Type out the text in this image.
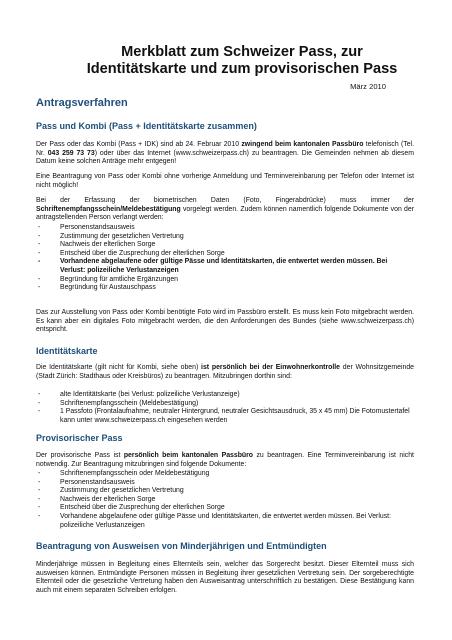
Merkblatt zum Schweizer Pass, zur
Identitätskarte und zum provisorischen Pass
März 2010
Antragsverfahren
Pass und Kombi (Pass + Identitätskarte zusammen)
Der Pass oder das Kombi (Pass + IDK) sind ab 24. Februar 2010 zwingend beim kantonalen Passbüro telefonisch (Tel. Nr. 043 259 73 73) oder über das Internet (www.schweizerpass.ch) zu beantragen. Die Gemeinden nehmen ab diesem Datum keine solchen Anträge mehr entgegen!
Eine Beantragung von Pass oder Kombi ohne vorherige Anmeldung und Terminvereinbarung per Telefon oder Internet ist nicht möglich!
Bei der Erfassung der biometrischen Daten (Foto, Fingerabdrücke) muss immer der Schriftenempfangsschein/Meldebestätigung vorgelegt werden. Zudem können namentlich folgende Dokumente von der antragstellenden Person verlangt werden:
- Personenstandsausweis
- Zustimmung der gesetzlichen Vertretung
- Nachweis der elterlichen Sorge
- Entscheid über die Zusprechung der elterlichen Sorge
- Vorhandene abgelaufene oder gültige Pässe und Identitätskarten, die entwertet werden müssen. Bei Verlust: polizeiliche Verlustanzeigen
- Begründung für amtliche Ergänzungen
- Begründung für Austauschpass
Das zur Ausstellung von Pass oder Kombi benötigte Foto wird im Passbüro erstellt. Es muss kein Foto mitgebracht werden. Es kann aber ein digitales Foto mitgebracht werden, die den Anforderungen des Bundes (siehe www.schweizerpass.ch) entspricht.
Identitätskarte
Die Identitätskarte (gilt nicht für Kombi, siehe oben) ist persönlich bei der Einwohnerkontrolle der Wohnsitzgemeinde (Stadt Zürich: Stadthaus oder Kreisbüros) zu beantragen. Mitzubringen dorthin sind:
- alte Identitätskarte (bei Verlust: polizeiliche Verlustanzeige)
- Schriftenempfangsschein (Meldebestätigung)
- 1 Passfoto (Frontalaufnahme, neutraler Hintergrund, neutraler Gesichtsausdruck, 35 x 45 mm) Die Fotomustertafel kann unter www.schweizerpass.ch eingesehen werden
Provisorischer Pass
Der provisorische Pass ist persönlich beim kantonalen Passbüro zu beantragen. Eine Terminvereinbarung ist nicht notwendig. Zur Beantragung mitzubringen sind folgende Dokumente:
- Schriftenempfangsschein oder Meldebestätigung
- Personenstandsausweis
- Zustimmung der gesetzlichen Vertretung
- Nachweis der elterlichen Sorge
- Entscheid über die Zusprechung der elterlichen Sorge
- Vorhandene abgelaufene oder gültige Pässe und Identitätskarten, die entwertet werden müssen. Bei Verlust: polizeiliche Verlustanzeigen
Beantragung von Ausweisen von Minderjährigen und Entmündigten
Minderjährige müssen in Begleitung eines Elternteils sein, welcher das Sorgerecht besitzt. Dieser Elternteil muss sich ausweisen können. Entmündigte Personen müssen in Begleitung ihrer gesetzlichen Vertretung sein. Der sorgeberechtigte Elternteil oder die gesetzliche Vertretung haben den Ausweisantrag unterschriftlich zu bestätigen. Diese Bestätigung kann auch mit einem separaten Schreiben erfolgen.
